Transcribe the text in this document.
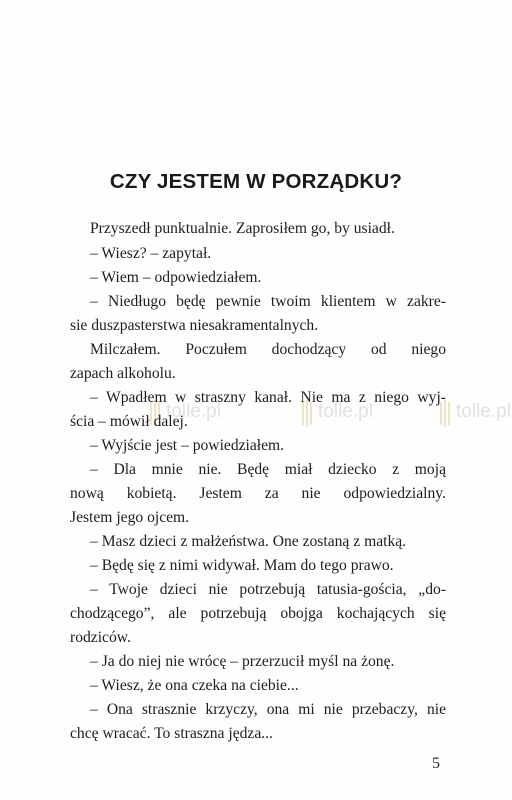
tolle.pl	tolle.pl	tolle.pl
CZY JESTEM W PORZĄDKU?
Przyszedł punktualnie. Zaprosiłem go, by usiadł.
– Wiesz? – zapytał.
– Wiem – odpowiedziałem.
– Niedługo będę pewnie twoim klientem w zakre-
sie duszpasterstwa niesakramentalnych.
Milczałem. Poczułem dochodzący od niego
zapach alkoholu.
– Wpadłem w straszny kanał. Nie ma z niego wyj-
ścia – mówił dalej.
– Wyjście jest – powiedziałem.
– Dla mnie nie. Będę miał dziecko z moją
nową kobietą. Jestem za nie odpowiedzialny.
Jestem jego ojcem.
– Masz dzieci z małżeństwa. One zostaną z matką.
– Będę się z nimi widywał. Mam do tego prawo.
– Twoje dzieci nie potrzebują tatusia-gościa, „do-
chodzącego”, ale potrzebują obojga kochających się
rodziców.
– Ja do niej nie wrócę – przerzucił myśl na żonę.
– Wiesz, że ona czeka na ciebie...
– Ona strasznie krzyczy, ona mi nie przebaczy, nie
chcę wracać. To straszna jędza...
5
